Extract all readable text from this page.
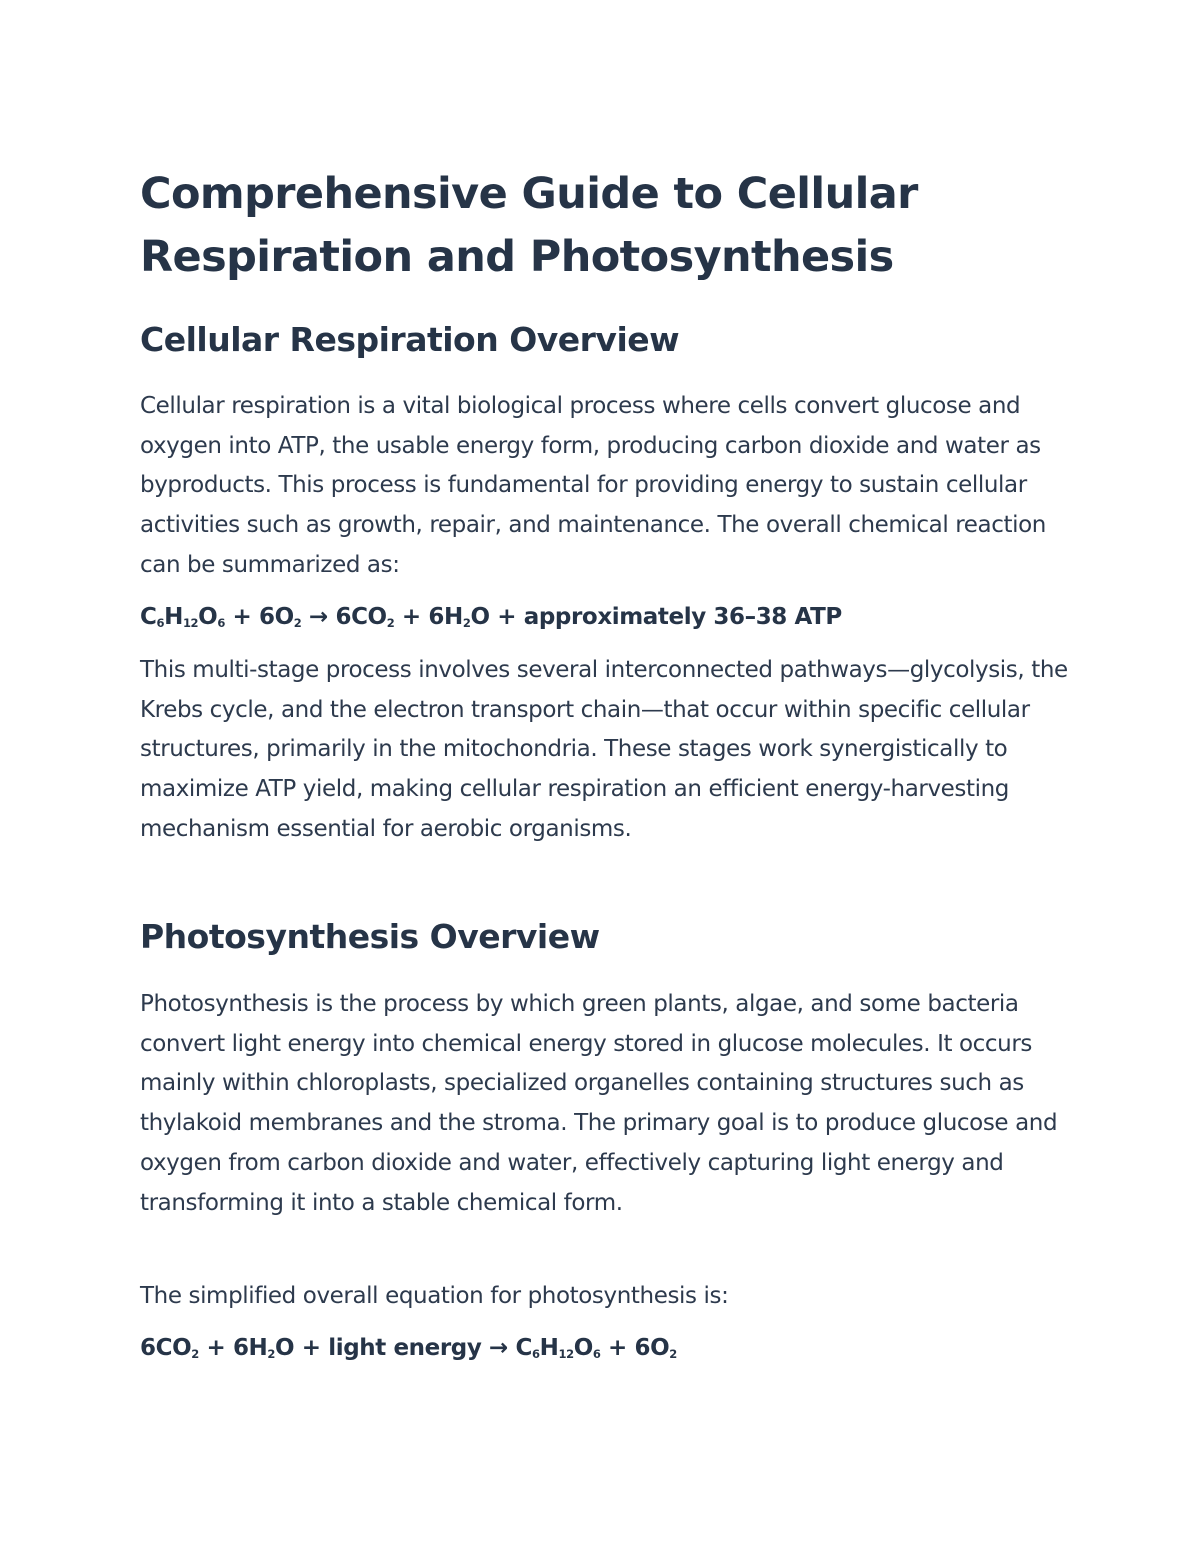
Comprehensive Guide to Cellular Respiration and Photosynthesis
Cellular Respiration Overview

Cellular respiration is a vital biological process where cells convert glucose and oxygen into ATP, the usable energy form, producing carbon dioxide and water as byproducts. This process is fundamental for providing energy to sustain cellular activities such as growth, repair, and maintenance. The overall chemical reaction can be summarized as:

$C_6H_{12}O_6 + 6O_2 \to 6CO_2 + 6H_2O$ + approximately 36–38 ATP

This multi-stage process involves several interconnected pathways—glycolysis, the Krebs cycle, and the electron transport chain—that occur within specific cellular structures, primarily in the mitochondria. These stages work synergistically to maximize ATP yield, making cellular respiration an efficient energy-harvesting mechanism essential for aerobic organisms.

Photosynthesis Overview

Photosynthesis is the process by which green plants, algae, and some bacteria convert light energy into chemical energy stored in glucose molecules. It occurs mainly within chloroplasts, specialized organelles containing structures such as thylakoid membranes and the stroma. The primary goal is to produce glucose and oxygen from carbon dioxide and water, effectively capturing light energy and transforming it into a stable chemical form.

The simplified overall equation for photosynthesis is:

$6CO_2 + 6H_2O$ + light energy → $C_6H_{12}O_6 + 6O_2$
